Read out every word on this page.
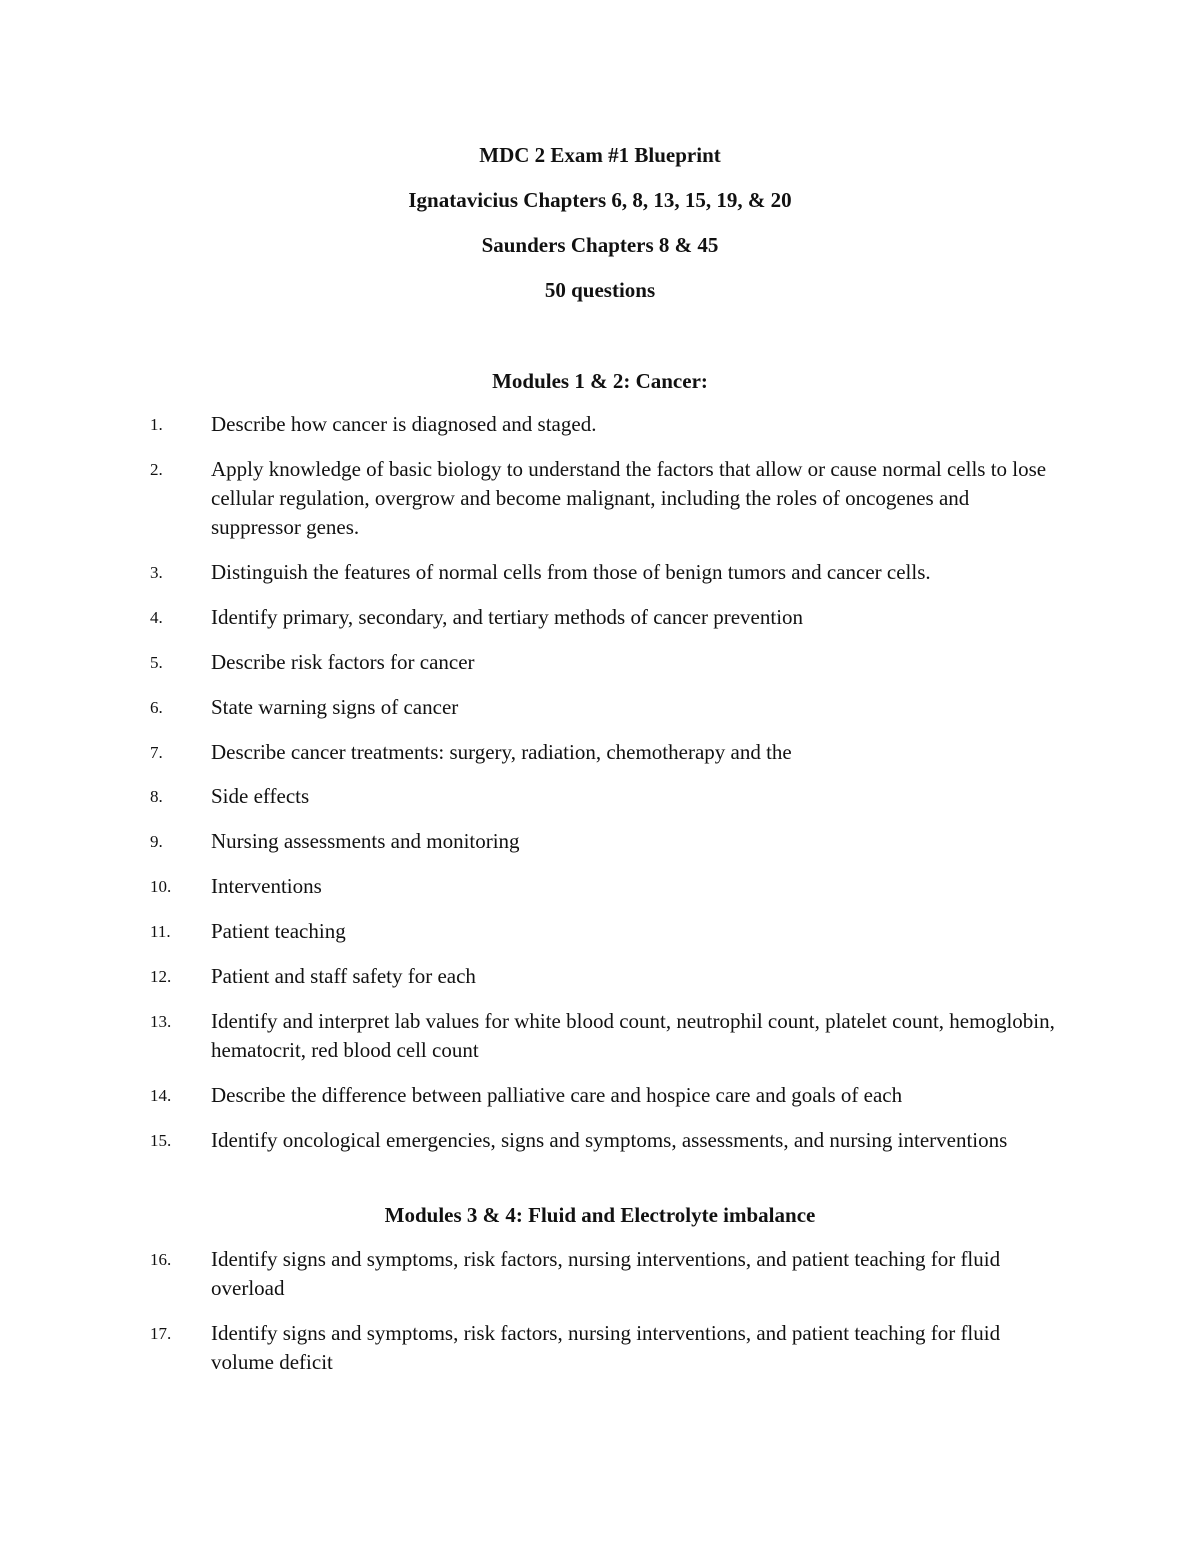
MDC 2 Exam #1 Blueprint
Ignatavicius Chapters 6, 8, 13, 15, 19, & 20
Saunders Chapters 8 & 45
50 questions
Modules 1 & 2: Cancer:
1.	Describe how cancer is diagnosed and staged.
2.	Apply knowledge of basic biology to understand the factors that allow or cause normal cells to lose cellular regulation, overgrow and become malignant, including the roles of oncogenes and suppressor genes.
3.	Distinguish the features of normal cells from those of benign tumors and cancer cells.
4.	Identify primary, secondary, and tertiary methods of cancer prevention
5.	Describe risk factors for cancer
6.	State warning signs of cancer
7.	Describe cancer treatments: surgery, radiation, chemotherapy and the
8.	Side effects
9.	Nursing assessments and monitoring
10.	Interventions
11.	Patient teaching
12.	Patient and staff safety for each
13.	Identify and interpret lab values for white blood count, neutrophil count, platelet count, hemoglobin, hematocrit, red blood cell count
14.	Describe the difference between palliative care and hospice care and goals of each
15.	Identify oncological emergencies, signs and symptoms, assessments, and nursing interventions
Modules 3 & 4: Fluid and Electrolyte imbalance
16.	Identify signs and symptoms, risk factors, nursing interventions, and patient teaching for fluid overload
17.	Identify signs and symptoms, risk factors, nursing interventions, and patient teaching for fluid volume deficit
